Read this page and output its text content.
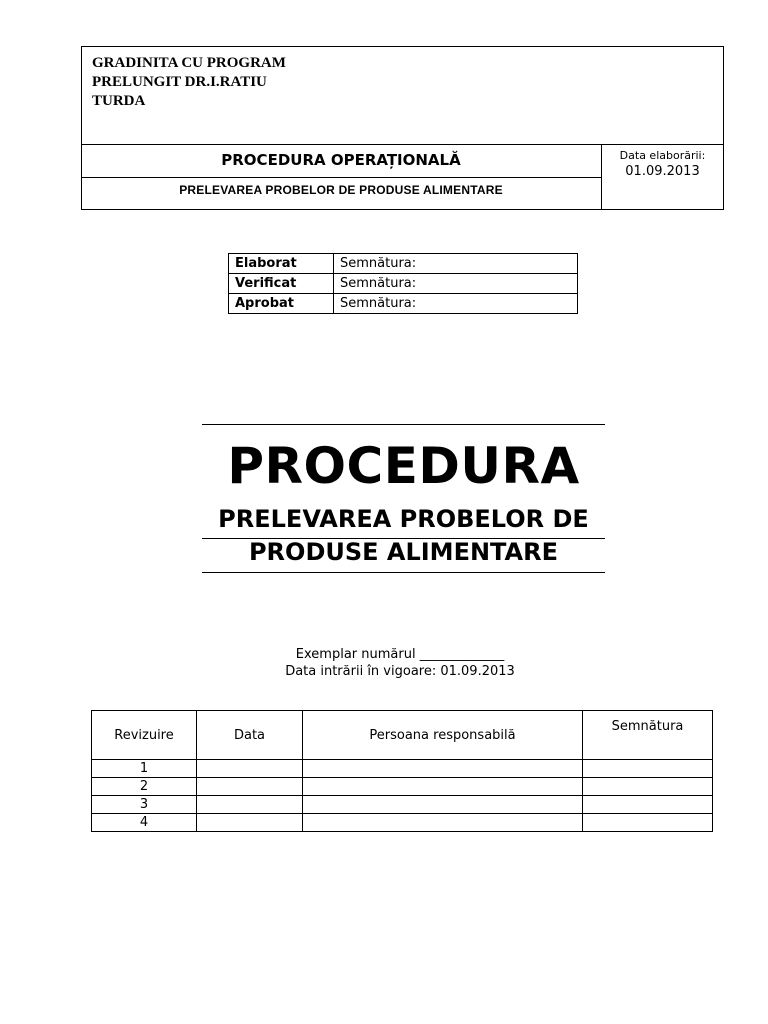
GRADINITA CU PROGRAM
PRELUNGIT DR.I.RATIU
TURDA
PROCEDURA OPERAȚIONALĂ
PRELEVAREA PROBELOR DE PRODUSE ALIMENTARE
Data elaborării:
01.09.2013
Elaborat	Semnătura:
Verificat	Semnătura:
Aprobat	Semnătura:
PROCEDURA
PRELEVAREA PROBELOR DE
PRODUSE ALIMENTARE
Exemplar numărul _____________
Data intrării în vigoare: 01.09.2013
Revizuire	Data	Persoana responsabilă	Semnătura
1			
2			
3			
4			
